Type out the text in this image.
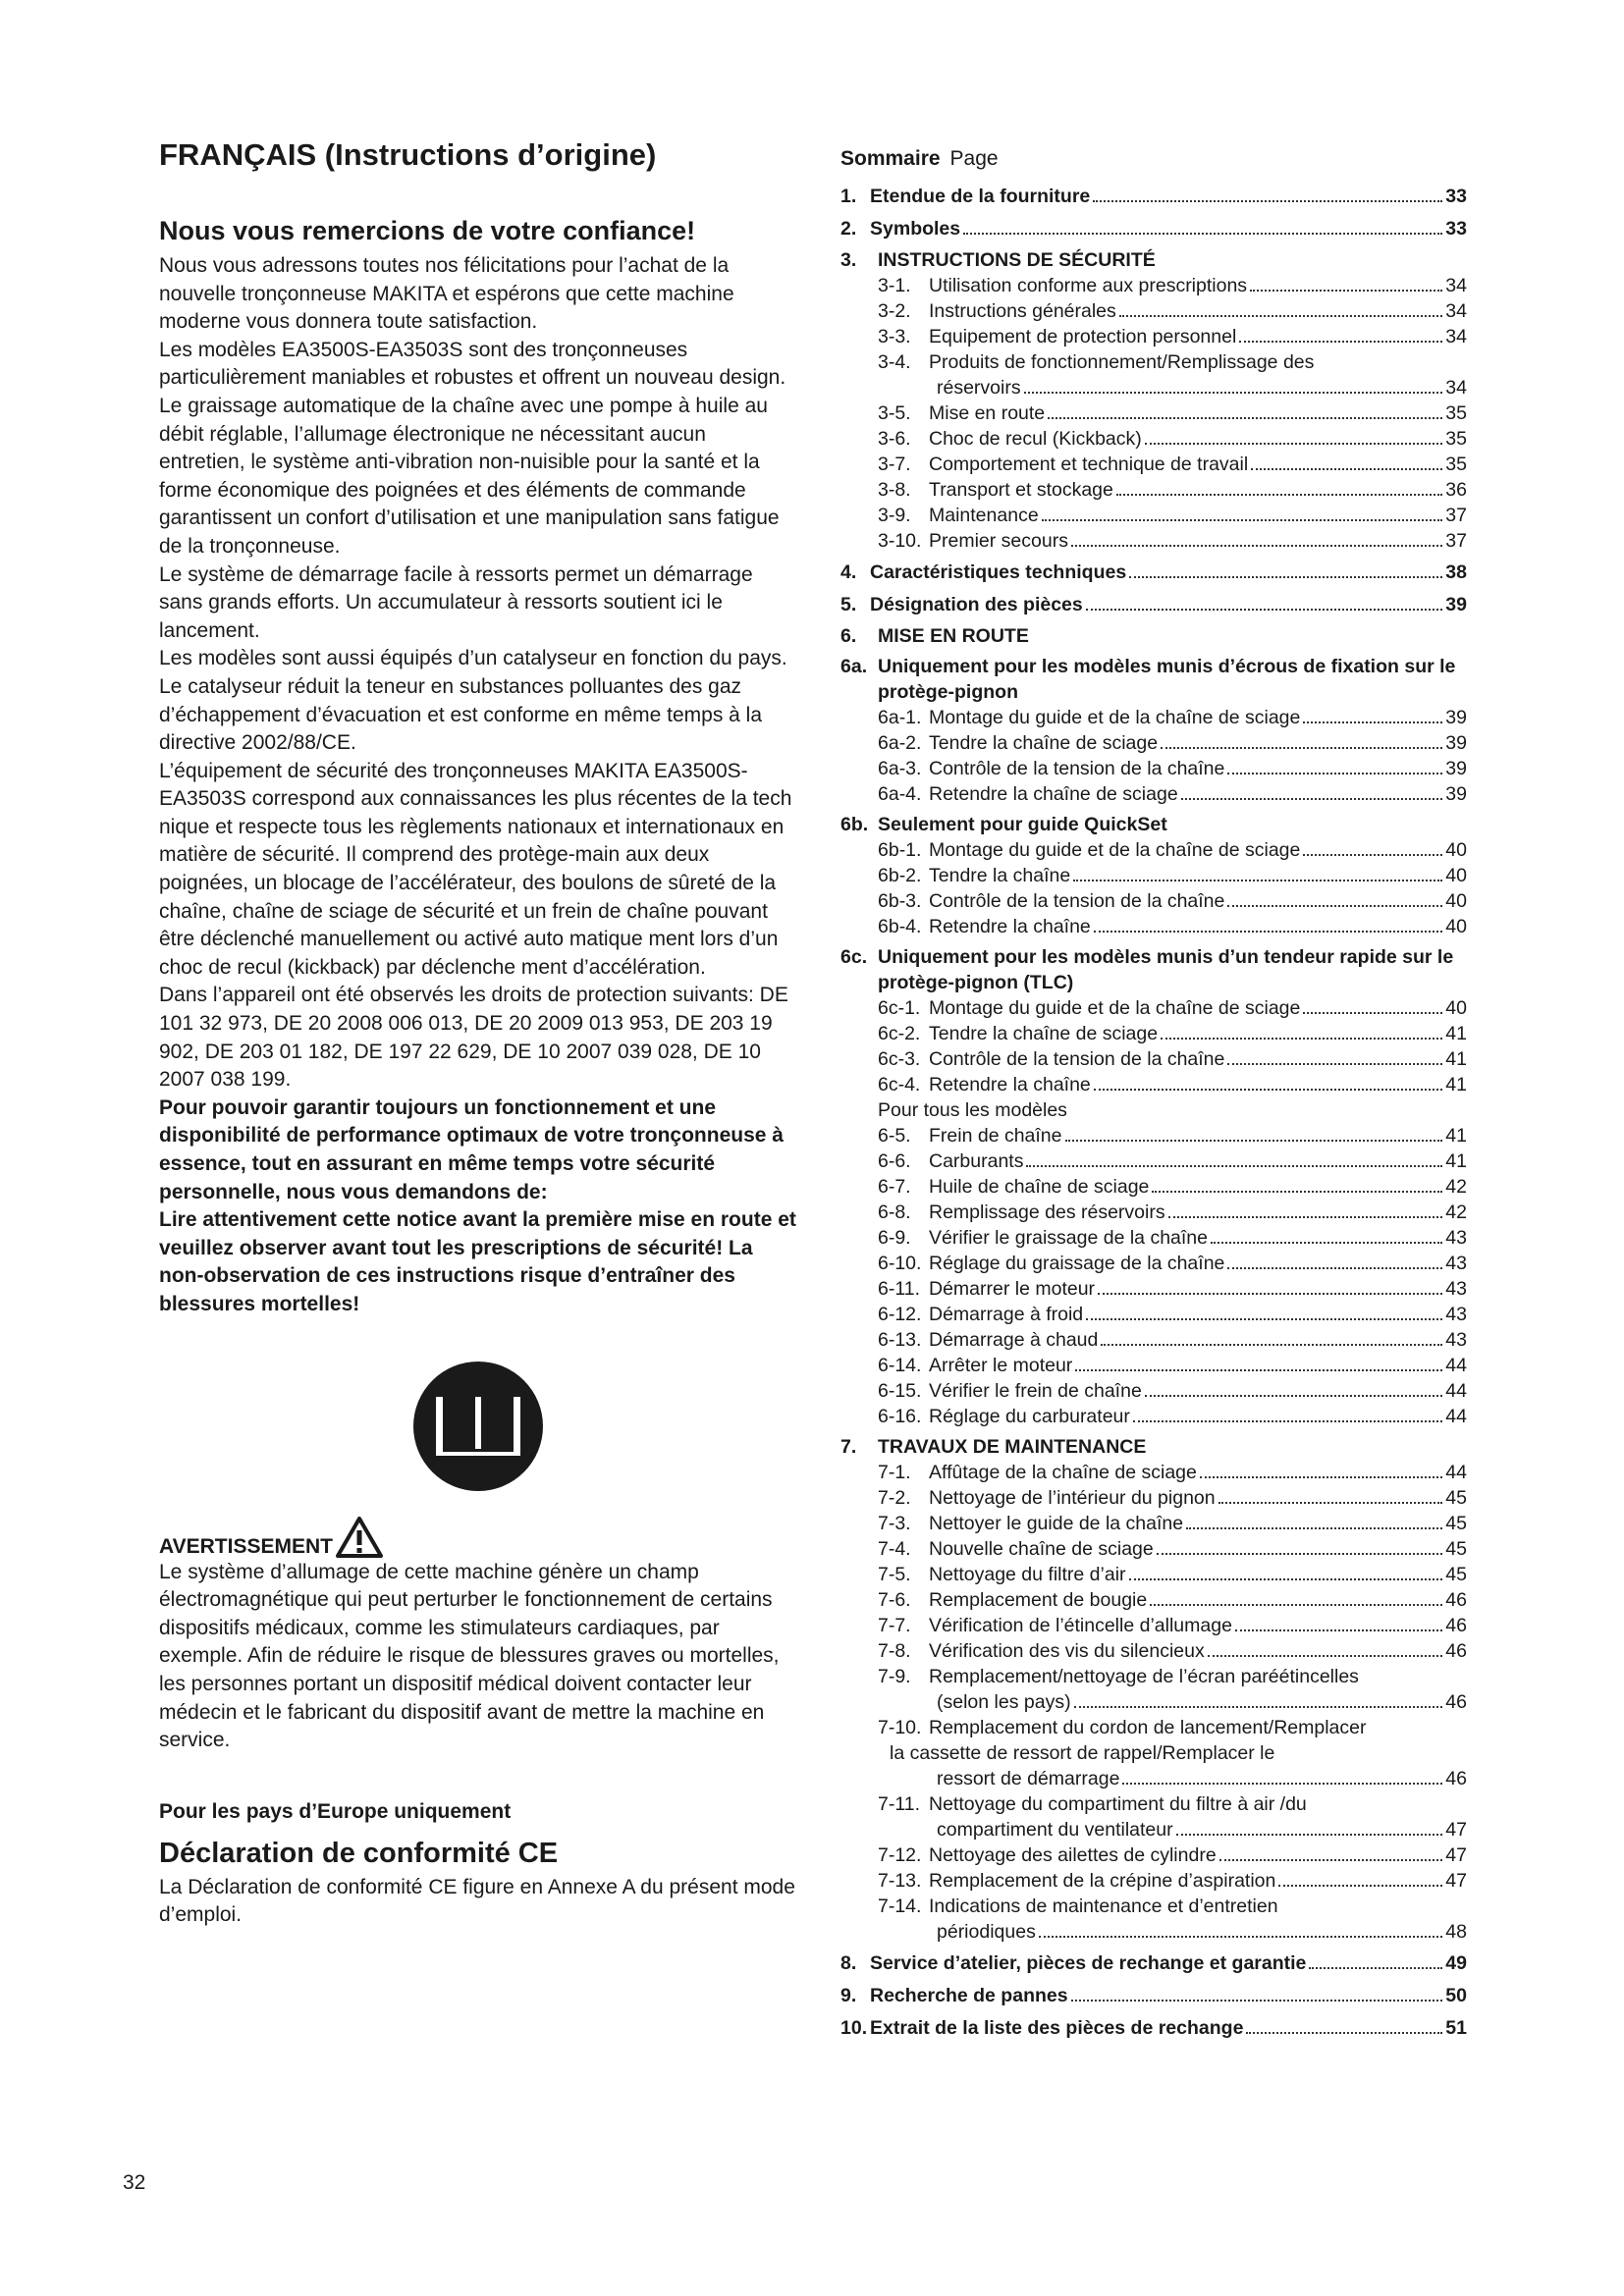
FRANÇAIS (Instructions d’origine)
Nous vous remercions de votre confiance!

Nous vous adressons toutes nos félicitations pour l’achat de la nouvelle tronçonneuse MAKITA et espérons que cette machine moderne vous donnera toute satisfaction.

Les modèles EA3500S-EA3503S sont des tronçonneuses particulièrement maniables et robustes et offrent un nouveau design.

Le graissage automatique de la chaîne avec une pompe à huile au débit réglable, l’allumage électronique ne nécessitant aucun entretien, le système anti-vibration non-nuisible pour la santé et la forme économique des poignées et des éléments de commande garantissent un confort d’utilisation et une manipulation sans fatigue de la tronçonneuse.

Le système de démarrage facile à ressorts permet un démarrage sans grands efforts. Un accumulateur à ressorts soutient ici le lancement.

Les modèles sont aussi équipés d’un catalyseur en fonction du pays. Le catalyseur réduit la teneur en substances polluantes des gaz d’échappement d’évacuation et est conforme en même temps à la directive 2002/88/CE.

L’équipement de sécurité des tronçonneuses MAKITA EA3500S-EA3503S correspond aux connaissances les plus récentes de la tech nique et respecte tous les règlements nationaux et internationaux en matière de sécurité. Il comprend des protège-main aux deux poignées, un blocage de l’accélérateur, des boulons de sûreté de la chaîne, chaîne de sciage de sécurité et un frein de chaîne pouvant être déclenché manuellement ou activé auto matique ment lors d’un choc de recul (kickback) par déclenche ment d’accélération.

Dans l’appareil ont été observés les droits de protection suivants: DE 101 32 973, DE 20 2008 006 013, DE 20 2009 013 953, DE 203 19 902, DE 203 01 182, DE 197 22 629, DE 10 2007 039 028, DE 10 2007 038 199.

Pour pouvoir garantir toujours un fonctionnement et une disponibilité de performance optimaux de votre tronçonneuse à essence, tout en assurant en même temps votre sécurité personnelle, nous vous demandons de:

Lire attentivement cette notice avant la première mise en route et veuillez observer avant tout les prescriptions de sécurité! La non-observation de ces instructions risque d’entraîner des blessures mortelles!

AVERTISSEMENT

Le système d’allumage de cette machine génère un champ électromagnétique qui peut perturber le fonctionnement de certains dispositifs médicaux, comme les stimulateurs cardiaques, par exemple. Afin de réduire le risque de blessures graves ou mortelles, les personnes portant un dispositif médical doivent contacter leur médecin et le fabricant du dispositif avant de mettre la machine en service.

Pour les pays d’Europe uniquement
Déclaration de conformité CE

La Déclaration de conformité CE figure en Annexe A du présent mode d’emploi.

Sommaire Page
1. Etendue de la fourniture	33
2. Symboles	33
3.	INSTRUCTIONS DE SÉCURITÉ
3-1. Utilisation conforme aux prescriptions	34
3-2. Instructions générales	34
3-3. Equipement de protection personnel	34
3-4. Produits de fonctionnement/Remplissage des
réservoirs	34
3-5. Mise en route	35
3-6. Choc de recul (Kickback)	35
3-7. Comportement et technique de travail	35
3-8. Transport et stockage	36
3-9. Maintenance	37
3-10. Premier secours	37
4. Caractéristiques techniques	38
5. Désignation des pièces	39
6.	MISE EN ROUTE
6a. Uniquement pour les modèles munis d’écrous de fixation sur le protège-pignon
6a-1. Montage du guide et de la chaîne de sciage	39
6a-2. Tendre la chaîne de sciage	39
6a-3. Contrôle de la tension de la chaîne	39
6a-4. Retendre la chaîne de sciage	39
6b. Seulement pour guide QuickSet
6b-1. Montage du guide et de la chaîne de sciage	40
6b-2. Tendre la chaîne	40
6b-3. Contrôle de la tension de la chaîne	40
6b-4. Retendre la chaîne	40
6c. Uniquement pour les modèles munis d’un tendeur rapide sur le protège-pignon (TLC)
6c-1. Montage du guide et de la chaîne de sciage	40
6c-2. Tendre la chaîne de sciage	41
6c-3. Contrôle de la tension de la chaîne	41
6c-4. Retendre la chaîne	41
Pour tous les modèles
6-5. Frein de chaîne	41
6-6. Carburants	41
6-7. Huile de chaîne de sciage	42
6-8. Remplissage des réservoirs	42
6-9. Vérifier le graissage de la chaîne	43
6-10. Réglage du graissage de la chaîne	43
6-11. Démarrer le moteur	43
6-12. Démarrage à froid	43
6-13. Démarrage à chaud	43
6-14. Arrêter le moteur	44
6-15. Vérifier le frein de chaîne	44
6-16. Réglage du carburateur	44
7.	TRAVAUX DE MAINTENANCE
7-1. Affûtage de la chaîne de sciage	44
7-2. Nettoyage de l’intérieur du pignon	45
7-3. Nettoyer le guide de la chaîne	45
7-4. Nouvelle chaîne de sciage	45
7-5. Nettoyage du filtre d’air	45
7-6. Remplacement de bougie	46
7-7. Vérification de l’étincelle d’allumage	46
7-8. Vérification des vis du silencieux	46
7-9. Remplacement/nettoyage de l’écran paréétincelles
(selon les pays)	46
7-10. Remplacement du cordon de lancement/Remplacer
la cassette de ressort de rappel/Remplacer le
ressort de démarrage	46
7-11. Nettoyage du compartiment du filtre à air /du
compartiment du ventilateur	47
7-12. Nettoyage des ailettes de cylindre	47
7-13. Remplacement de la crépine d’aspiration	47
7-14. Indications de maintenance et d’entretien
périodiques	48
8. Service d’atelier, pièces de rechange et garantie	49
9. Recherche de pannes	50
10. Extrait de la liste des pièces de rechange	51
32
